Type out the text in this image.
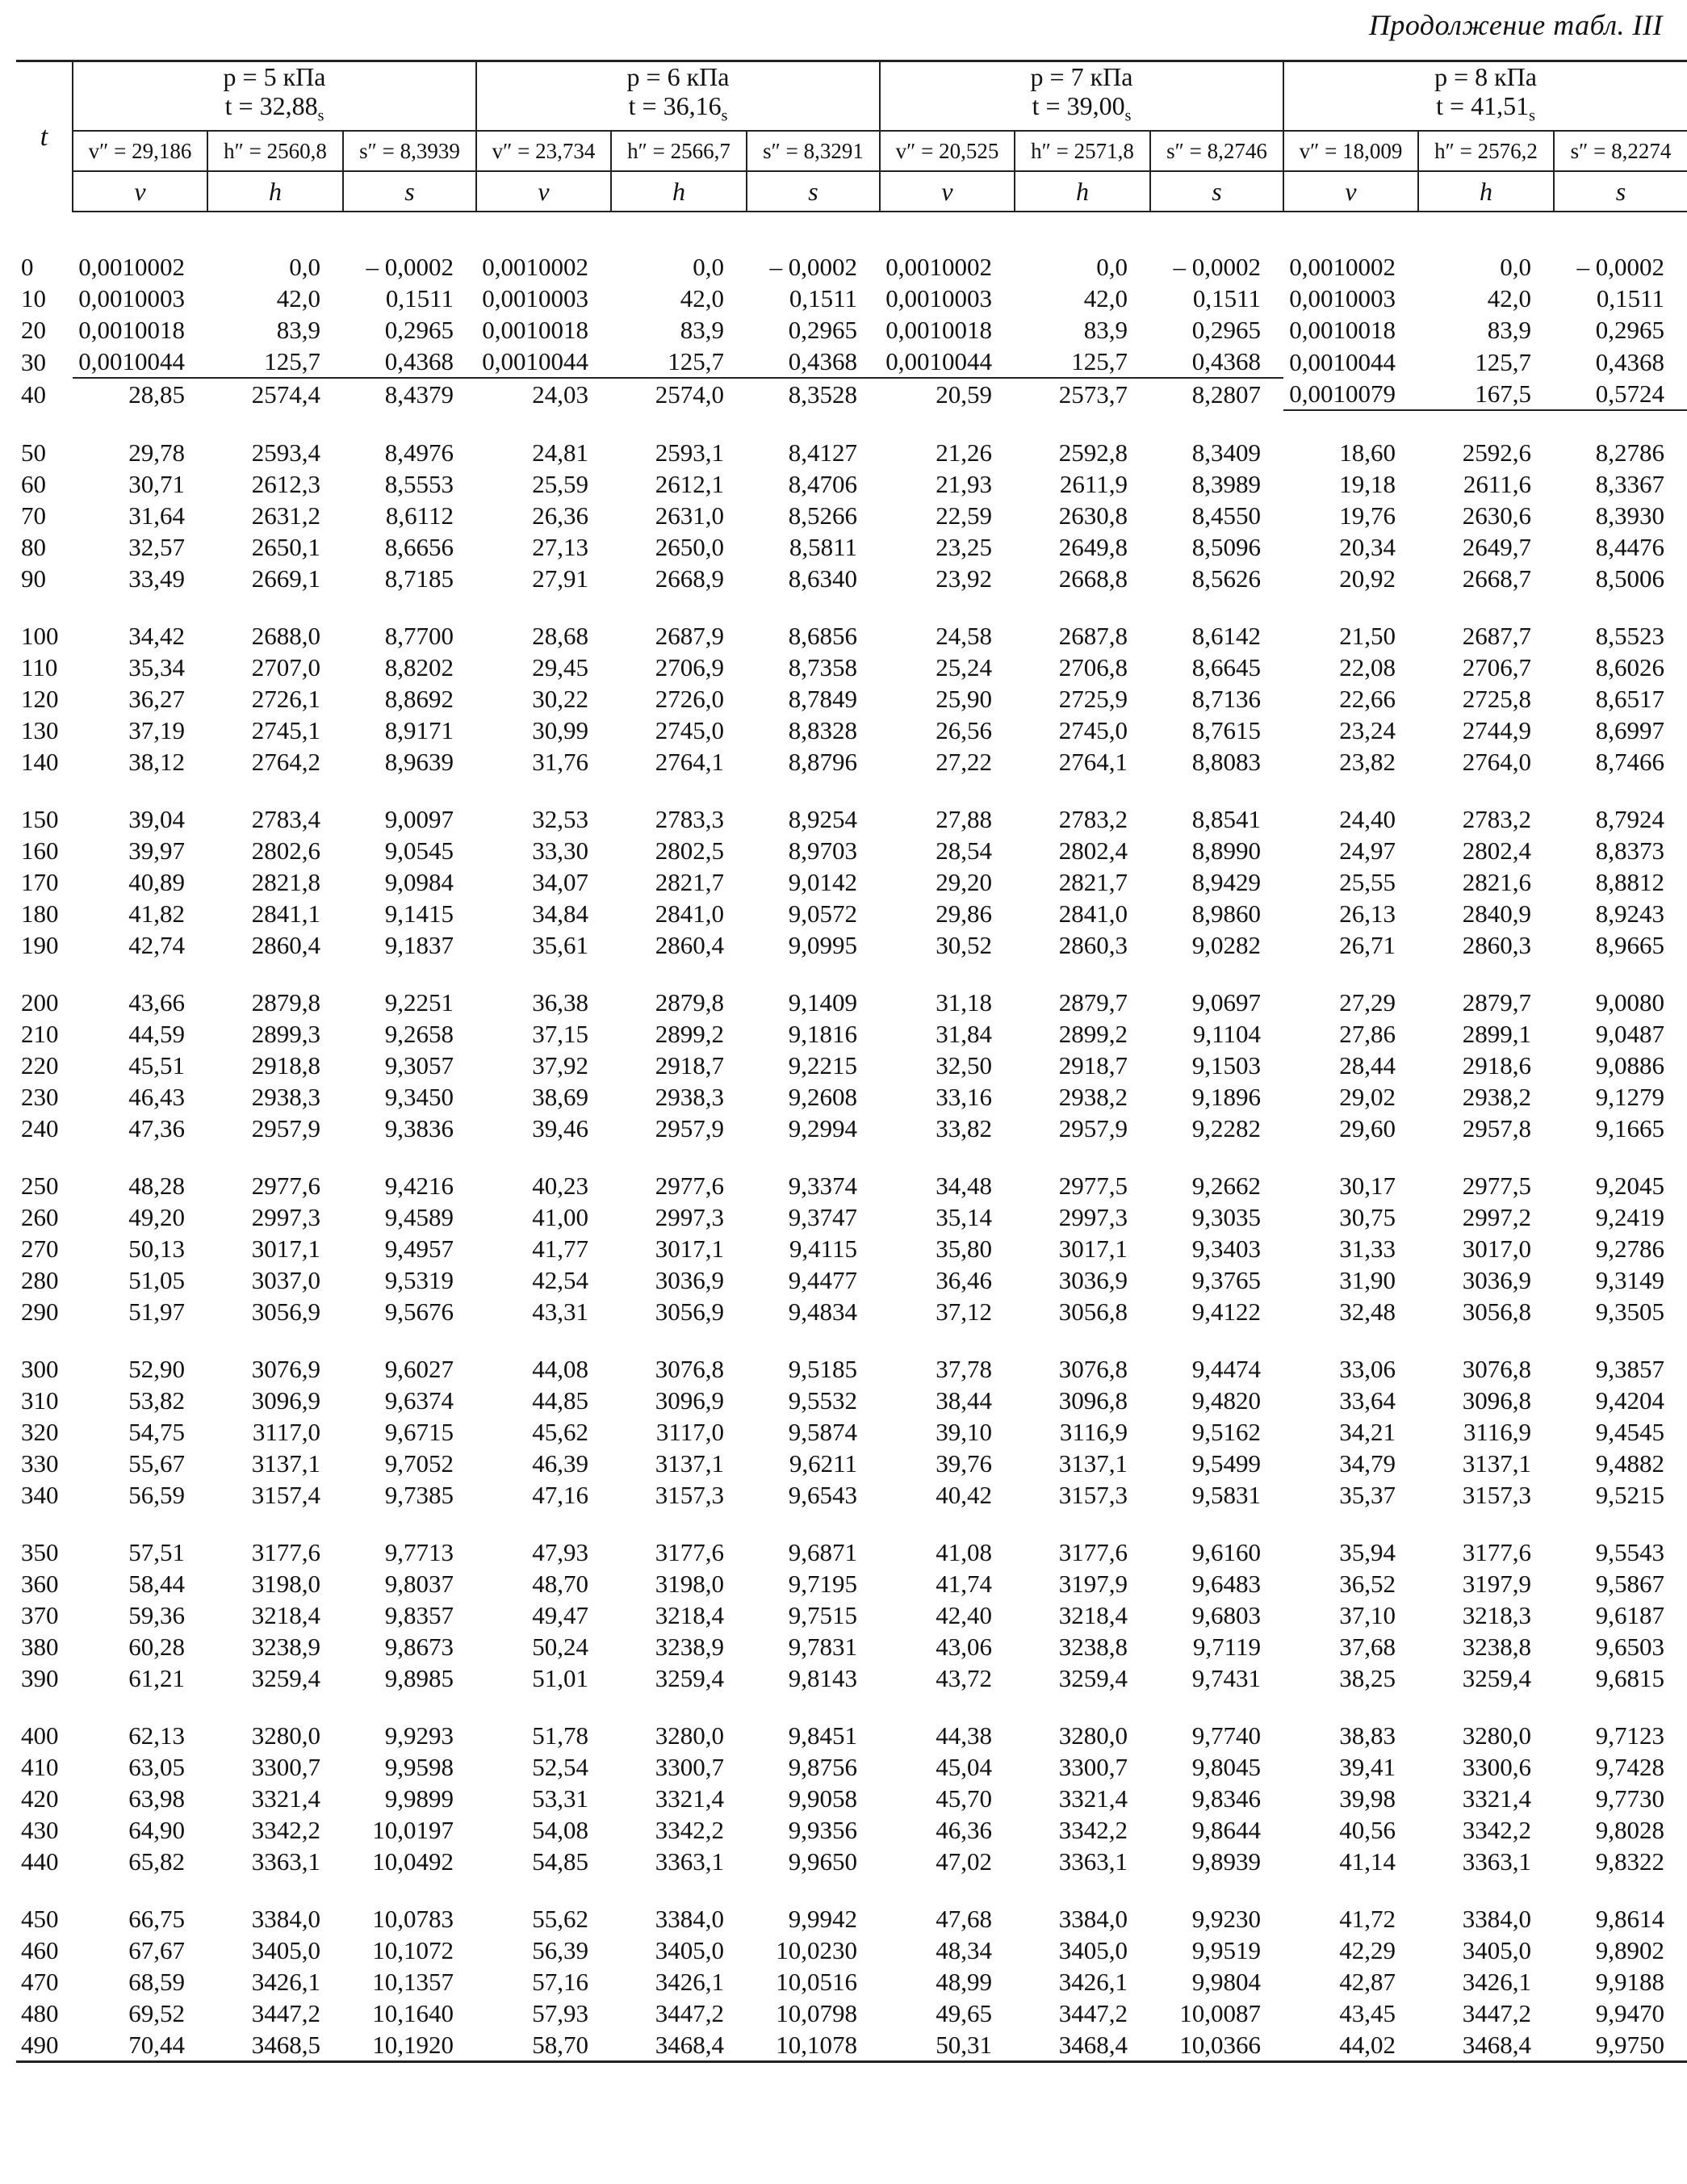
Продолжение табл. III
t	p = 5 кПа
$t = 32,88_s$			p = 6 кПа
$t = 36,16_s$			p = 7 кПа
$t = 39,00_s$			p = 8 кПа
$t = 41,51_s$

	v″ = 29,186	h″ = 2560,8	s″ = 8,3939	v″ = 23,734	h″ = 2566,7	s″ = 8,3291	v″ = 20,525	h″ = 2571,8	s″ = 8,2746	v″ = 18,009	h″ = 2576,2	s″ = 8,2274
	v	h	s	v	h	s	v	h	s	v	h	s

0	0,0010002	0,0	– 0,0002	0,0010002	0,0	– 0,0002	0,0010002	0,0	– 0,0002	0,0010002	0,0	– 0,0002
10	0,0010003	42,0	0,1511	0,0010003	42,0	0,1511	0,0010003	42,0	0,1511	0,0010003	42,0	0,1511
20	0,0010018	83,9	0,2965	0,0010018	83,9	0,2965	0,0010018	83,9	0,2965	0,0010018	83,9	0,2965
30	0,0010044	125,7	0,4368	0,0010044	125,7	0,4368	0,0010044	125,7	0,4368	0,0010044	125,7	0,4368
40	28,85	2574,4	8,4379	24,03	2574,0	8,3528	20,59	2573,7	8,2807	0,0010079	167,5	0,5724

50	29,78	2593,4	8,4976	24,81	2593,1	8,4127	21,26	2592,8	8,3409	18,60	2592,6	8,2786
60	30,71	2612,3	8,5553	25,59	2612,1	8,4706	21,93	2611,9	8,3989	19,18	2611,6	8,3367
70	31,64	2631,2	8,6112	26,36	2631,0	8,5266	22,59	2630,8	8,4550	19,76	2630,6	8,3930
80	32,57	2650,1	8,6656	27,13	2650,0	8,5811	23,25	2649,8	8,5096	20,34	2649,7	8,4476
90	33,49	2669,1	8,7185	27,91	2668,9	8,6340	23,92	2668,8	8,5626	20,92	2668,7	8,5006

100	34,42	2688,0	8,7700	28,68	2687,9	8,6856	24,58	2687,8	8,6142	21,50	2687,7	8,5523
110	35,34	2707,0	8,8202	29,45	2706,9	8,7358	25,24	2706,8	8,6645	22,08	2706,7	8,6026
120	36,27	2726,1	8,8692	30,22	2726,0	8,7849	25,90	2725,9	8,7136	22,66	2725,8	8,6517
130	37,19	2745,1	8,9171	30,99	2745,0	8,8328	26,56	2745,0	8,7615	23,24	2744,9	8,6997
140	38,12	2764,2	8,9639	31,76	2764,1	8,8796	27,22	2764,1	8,8083	23,82	2764,0	8,7466

150	39,04	2783,4	9,0097	32,53	2783,3	8,9254	27,88	2783,2	8,8541	24,40	2783,2	8,7924
160	39,97	2802,6	9,0545	33,30	2802,5	8,9703	28,54	2802,4	8,8990	24,97	2802,4	8,8373
170	40,89	2821,8	9,0984	34,07	2821,7	9,0142	29,20	2821,7	8,9429	25,55	2821,6	8,8812
180	41,82	2841,1	9,1415	34,84	2841,0	9,0572	29,86	2841,0	8,9860	26,13	2840,9	8,9243
190	42,74	2860,4	9,1837	35,61	2860,4	9,0995	30,52	2860,3	9,0282	26,71	2860,3	8,9665

200	43,66	2879,8	9,2251	36,38	2879,8	9,1409	31,18	2879,7	9,0697	27,29	2879,7	9,0080
210	44,59	2899,3	9,2658	37,15	2899,2	9,1816	31,84	2899,2	9,1104	27,86	2899,1	9,0487
220	45,51	2918,8	9,3057	37,92	2918,7	9,2215	32,50	2918,7	9,1503	28,44	2918,6	9,0886
230	46,43	2938,3	9,3450	38,69	2938,3	9,2608	33,16	2938,2	9,1896	29,02	2938,2	9,1279
240	47,36	2957,9	9,3836	39,46	2957,9	9,2994	33,82	2957,9	9,2282	29,60	2957,8	9,1665

250	48,28	2977,6	9,4216	40,23	2977,6	9,3374	34,48	2977,5	9,2662	30,17	2977,5	9,2045
260	49,20	2997,3	9,4589	41,00	2997,3	9,3747	35,14	2997,3	9,3035	30,75	2997,2	9,2419
270	50,13	3017,1	9,4957	41,77	3017,1	9,4115	35,80	3017,1	9,3403	31,33	3017,0	9,2786
280	51,05	3037,0	9,5319	42,54	3036,9	9,4477	36,46	3036,9	9,3765	31,90	3036,9	9,3149
290	51,97	3056,9	9,5676	43,31	3056,9	9,4834	37,12	3056,8	9,4122	32,48	3056,8	9,3505

300	52,90	3076,9	9,6027	44,08	3076,8	9,5185	37,78	3076,8	9,4474	33,06	3076,8	9,3857
310	53,82	3096,9	9,6374	44,85	3096,9	9,5532	38,44	3096,8	9,4820	33,64	3096,8	9,4204
320	54,75	3117,0	9,6715	45,62	3117,0	9,5874	39,10	3116,9	9,5162	34,21	3116,9	9,4545
330	55,67	3137,1	9,7052	46,39	3137,1	9,6211	39,76	3137,1	9,5499	34,79	3137,1	9,4882
340	56,59	3157,4	9,7385	47,16	3157,3	9,6543	40,42	3157,3	9,5831	35,37	3157,3	9,5215

350	57,51	3177,6	9,7713	47,93	3177,6	9,6871	41,08	3177,6	9,6160	35,94	3177,6	9,5543
360	58,44	3198,0	9,8037	48,70	3198,0	9,7195	41,74	3197,9	9,6483	36,52	3197,9	9,5867
370	59,36	3218,4	9,8357	49,47	3218,4	9,7515	42,40	3218,4	9,6803	37,10	3218,3	9,6187
380	60,28	3238,9	9,8673	50,24	3238,9	9,7831	43,06	3238,8	9,7119	37,68	3238,8	9,6503
390	61,21	3259,4	9,8985	51,01	3259,4	9,8143	43,72	3259,4	9,7431	38,25	3259,4	9,6815

400	62,13	3280,0	9,9293	51,78	3280,0	9,8451	44,38	3280,0	9,7740	38,83	3280,0	9,7123
410	63,05	3300,7	9,9598	52,54	3300,7	9,8756	45,04	3300,7	9,8045	39,41	3300,6	9,7428
420	63,98	3321,4	9,9899	53,31	3321,4	9,9058	45,70	3321,4	9,8346	39,98	3321,4	9,7730
430	64,90	3342,2	10,0197	54,08	3342,2	9,9356	46,36	3342,2	9,8644	40,56	3342,2	9,8028
440	65,82	3363,1	10,0492	54,85	3363,1	9,9650	47,02	3363,1	9,8939	41,14	3363,1	9,8322

450	66,75	3384,0	10,0783	55,62	3384,0	9,9942	47,68	3384,0	9,9230	41,72	3384,0	9,8614
460	67,67	3405,0	10,1072	56,39	3405,0	10,0230	48,34	3405,0	9,9519	42,29	3405,0	9,8902
470	68,59	3426,1	10,1357	57,16	3426,1	10,0516	48,99	3426,1	9,9804	42,87	3426,1	9,9188
480	69,52	3447,2	10,1640	57,93	3447,2	10,0798	49,65	3447,2	10,0087	43,45	3447,2	9,9470
490	70,44	3468,5	10,1920	58,70	3468,4	10,1078	50,31	3468,4	10,0366	44,02	3468,4	9,9750
